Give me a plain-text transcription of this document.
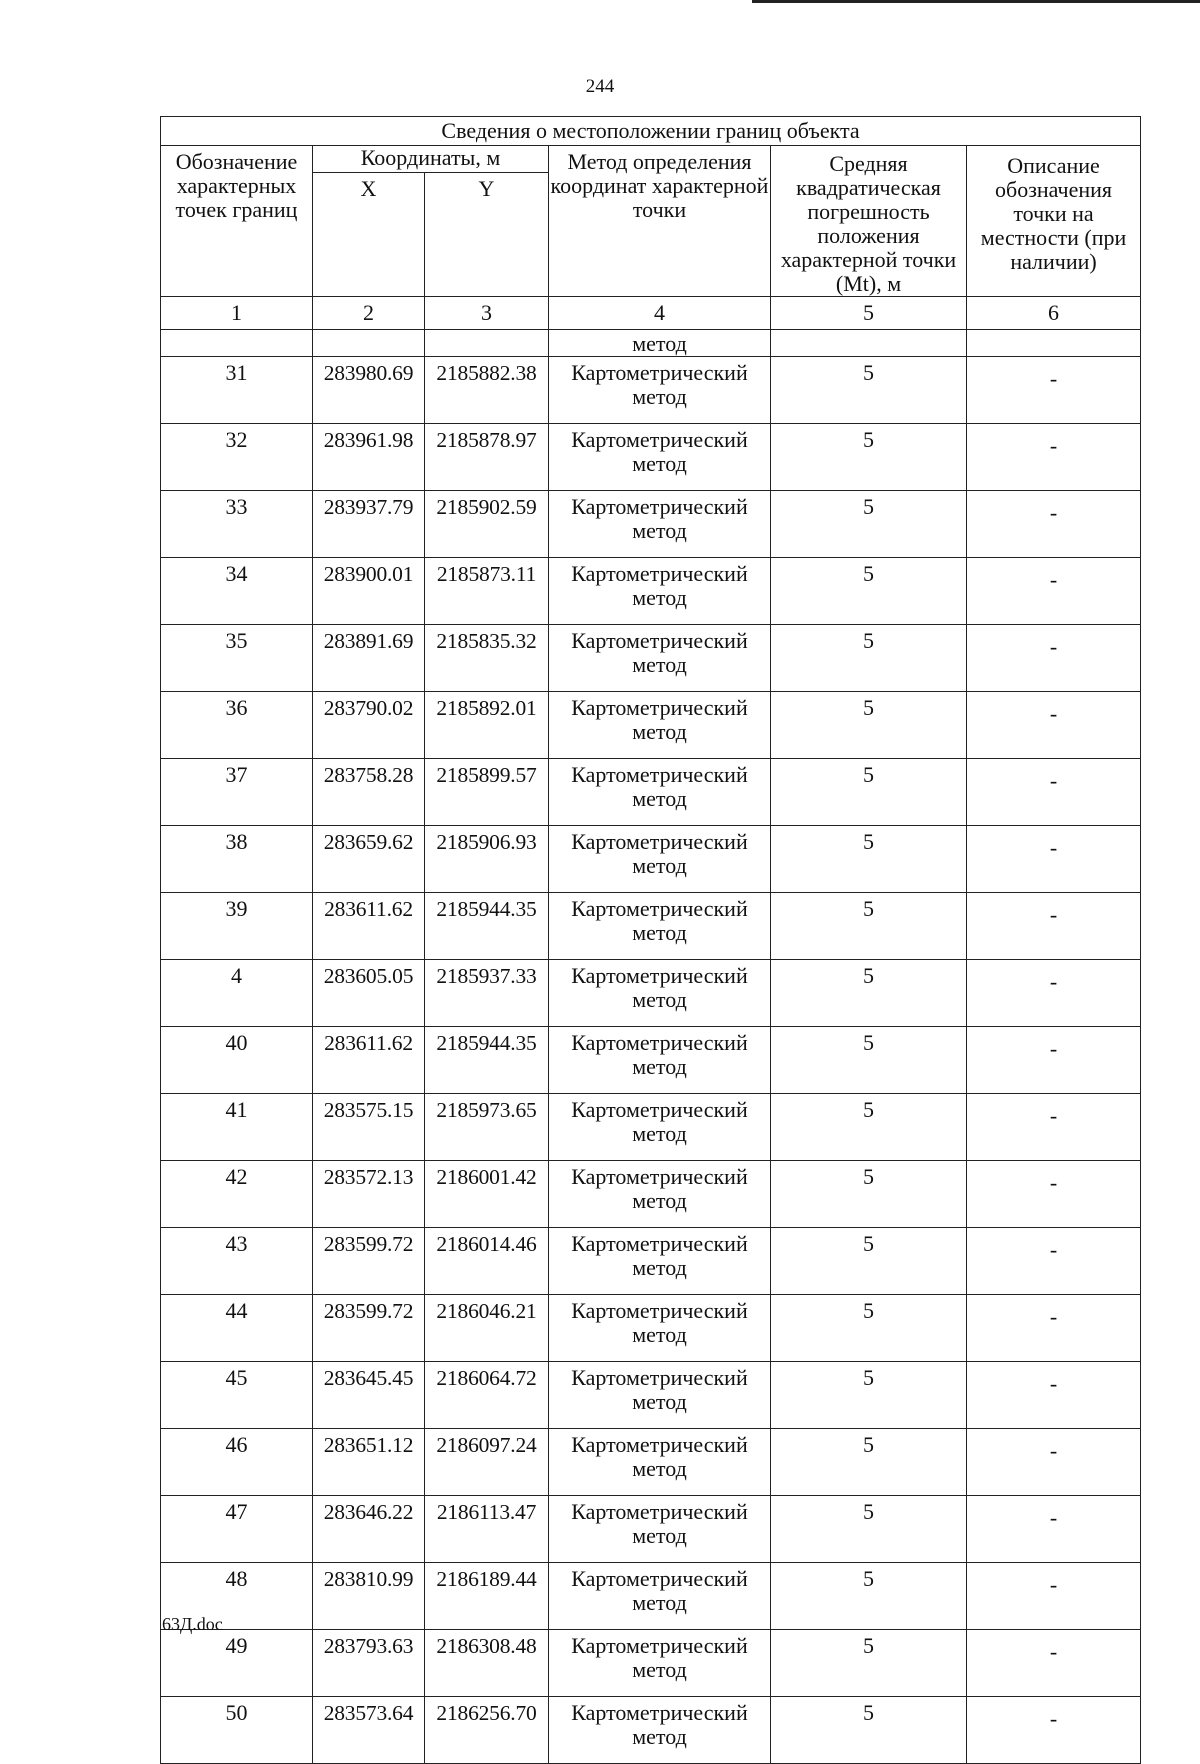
244
Сведения о местоположении границ объекта					
Обозначение характерных точек границ	Координаты, м		Метод определения координат характерной точки	Средняя квадратическая погрешность положения характерной точки (Mt), м	Описание обозначения точки на местности (при наличии)
	X	Y			
1	2	3	4	5	6
			метод		
31	283980.69	2185882.38	Картометрический метод	5	-
32	283961.98	2185878.97	Картометрический метод	5	-
33	283937.79	2185902.59	Картометрический метод	5	-
34	283900.01	2185873.11	Картометрический метод	5	-
35	283891.69	2185835.32	Картометрический метод	5	-
36	283790.02	2185892.01	Картометрический метод	5	-
37	283758.28	2185899.57	Картометрический метод	5	-
38	283659.62	2185906.93	Картометрический метод	5	-
39	283611.62	2185944.35	Картометрический метод	5	-
4	283605.05	2185937.33	Картометрический метод	5	-
40	283611.62	2185944.35	Картометрический метод	5	-
41	283575.15	2185973.65	Картометрический метод	5	-
42	283572.13	2186001.42	Картометрический метод	5	-
43	283599.72	2186014.46	Картометрический метод	5	-
44	283599.72	2186046.21	Картометрический метод	5	-
45	283645.45	2186064.72	Картометрический метод	5	-
46	283651.12	2186097.24	Картометрический метод	5	-
47	283646.22	2186113.47	Картометрический метод	5	-
48	283810.99	2186189.44	Картометрический метод	5	-
49	283793.63	2186308.48	Картометрический метод	5	-
50	283573.64	2186256.70	Картометрический метод	5	-
63Д.doc
